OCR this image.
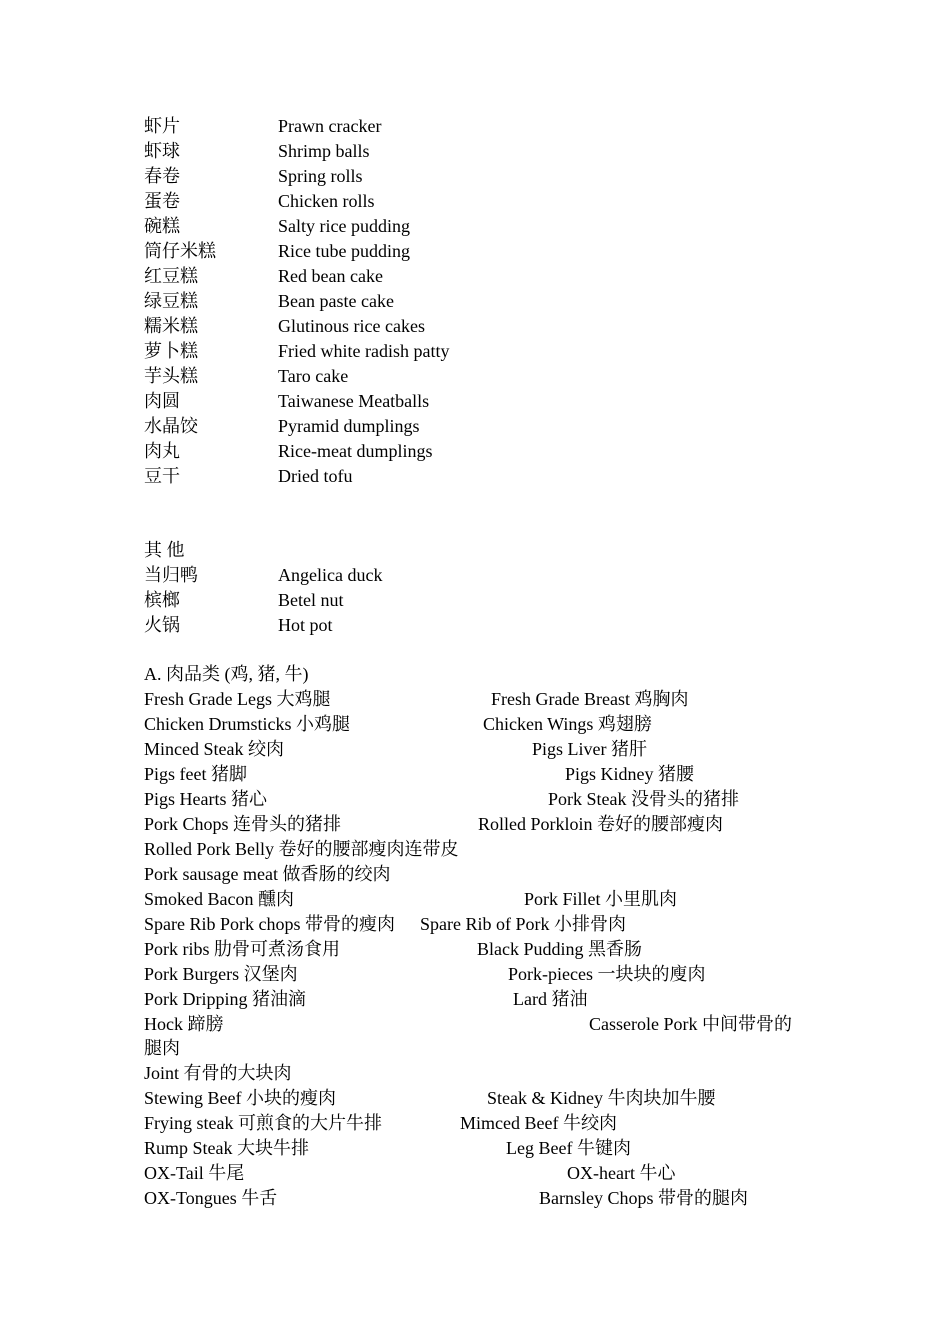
虾片	Prawn cracker
虾球	Shrimp balls
春卷	Spring rolls
蛋卷	Chicken rolls
碗糕	Salty rice pudding
筒仔米糕	Rice tube pudding
红豆糕	Red bean cake
绿豆糕	Bean paste cake
糯米糕	Glutinous rice cakes
萝卜糕	Fried white radish patty
芋头糕	Taro cake
肉圆	Taiwanese Meatballs
水晶饺	Pyramid dumplings
肉丸	Rice-meat dumplings
豆干	Dried tofu
其 他
当归鸭	Angelica duck
槟榔	Betel nut
火锅	Hot pot
A. 肉品类 (鸡, 猪, 牛)
Fresh Grade Legs 大鸡腿	Fresh Grade Breast 鸡胸肉
Chicken Drumsticks 小鸡腿	Chicken Wings 鸡翅膀
Minced Steak 绞肉	Pigs Liver 猪肝
Pigs feet 猪脚	Pigs Kidney 猪腰
Pigs Hearts 猪心	Pork Steak 没骨头的猪排
Pork Chops 连骨头的猪排	Rolled Porkloin 卷好的腰部瘦肉
Rolled Pork Belly 卷好的腰部瘦肉连带皮
Pork sausage meat 做香肠的绞肉
Smoked Bacon 醺肉	Pork Fillet 小里肌肉
Spare Rib Pork chops 带骨的瘦肉 Spare Rib of Pork 小排骨肉
Pork ribs 肋骨可煮汤食用	Black Pudding 黑香肠
Pork Burgers 汉堡肉	Pork-pieces 一块块的廋肉
Pork Dripping 猪油滴	Lard 猪油
Hock 蹄膀	Casserole Pork 中间带骨的
腿肉
Joint 有骨的大块肉
Stewing Beef 小块的瘦肉	Steak & Kidney 牛肉块加牛腰
Frying steak 可煎食的大片牛排	Mimced Beef 牛绞肉
Rump Steak 大块牛排	Leg Beef 牛键肉
OX-Tail 牛尾	OX-heart 牛心
OX-Tongues 牛舌	Barnsley Chops 带骨的腿肉
